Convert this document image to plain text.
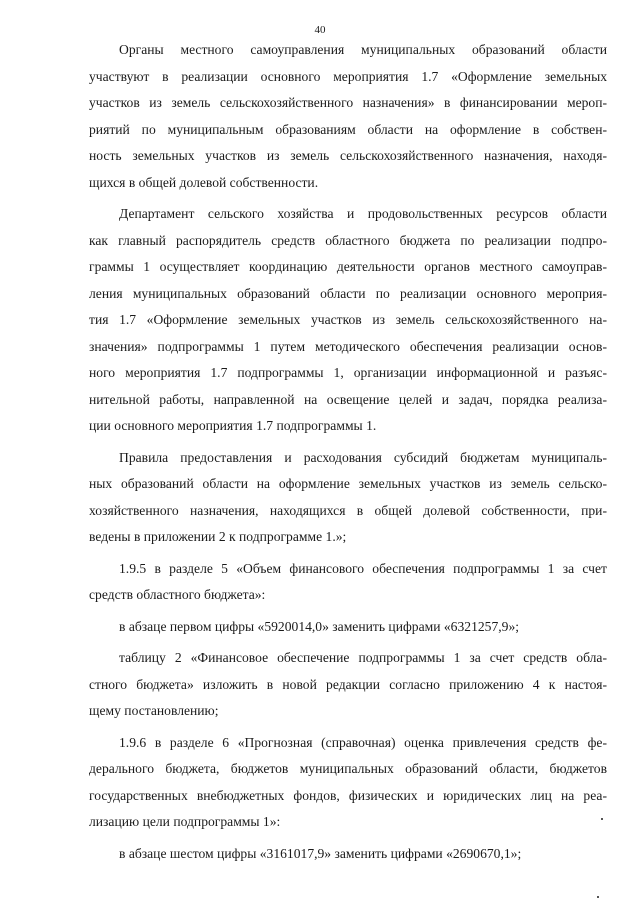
40
Органы местного самоуправления муниципальных образований области
участвуют в реализации основного мероприятия 1.7 «Оформление земельных
участков из земель сельскохозяйственного назначения» в финансировании мероп-
риятий по муниципальным образованиям области на оформление в собствен-
ность земельных участков из земель сельскохозяйственного назначения, находя-
щихся в общей долевой собственности.
Департамент сельского хозяйства и продовольственных ресурсов области
как главный распорядитель средств областного бюджета по реализации подпро-
граммы 1 осуществляет координацию деятельности органов местного самоупрaв-
ления муниципальных образований области по реализации основного мероприя-
тия 1.7 «Оформление земельных участков из земель сельскохозяйственного на-
значения» подпрограммы 1 путем методического обеспечения реализации основ-
ного мероприятия 1.7 подпрограммы 1, организации информационной и разъяс-
нительной работы, направленной на освещение целей и задач, порядка реализа-
ции основного мероприятия 1.7 подпрограммы 1.
Правила предоставления и расходования субсидий бюджетам муниципаль-
ных образований области на оформление земельных участков из земель сельско-
хозяйственного назначения, находящихся в общей долевой собственности, при-
ведены в приложении 2 к подпрограмме 1.»;
1.9.5 в разделе 5 «Объем финансового обеспечения подпрограммы 1 за счет
средств областного бюджета»:
в абзаце первом цифры «5920014,0» заменить цифрами «6321257,9»;
таблицу 2 «Финансовое обеспечение подпрограммы 1 за счет средств обла-
стного бюджета» изложить в новой редакции согласно приложению 4 к настоя-
щему постановлению;
1.9.6 в разделе 6 «Прогнозная (справочная) оценка привлечения средств фе-
дерального бюджета, бюджетов муниципальных образований области, бюджетов
государственных внебюджетных фондов, физических и юридических лиц на реа-
лизацию цели подпрограммы 1»:
в абзаце шестом цифры «3161017,9» заменить цифрами «2690670,1»;
